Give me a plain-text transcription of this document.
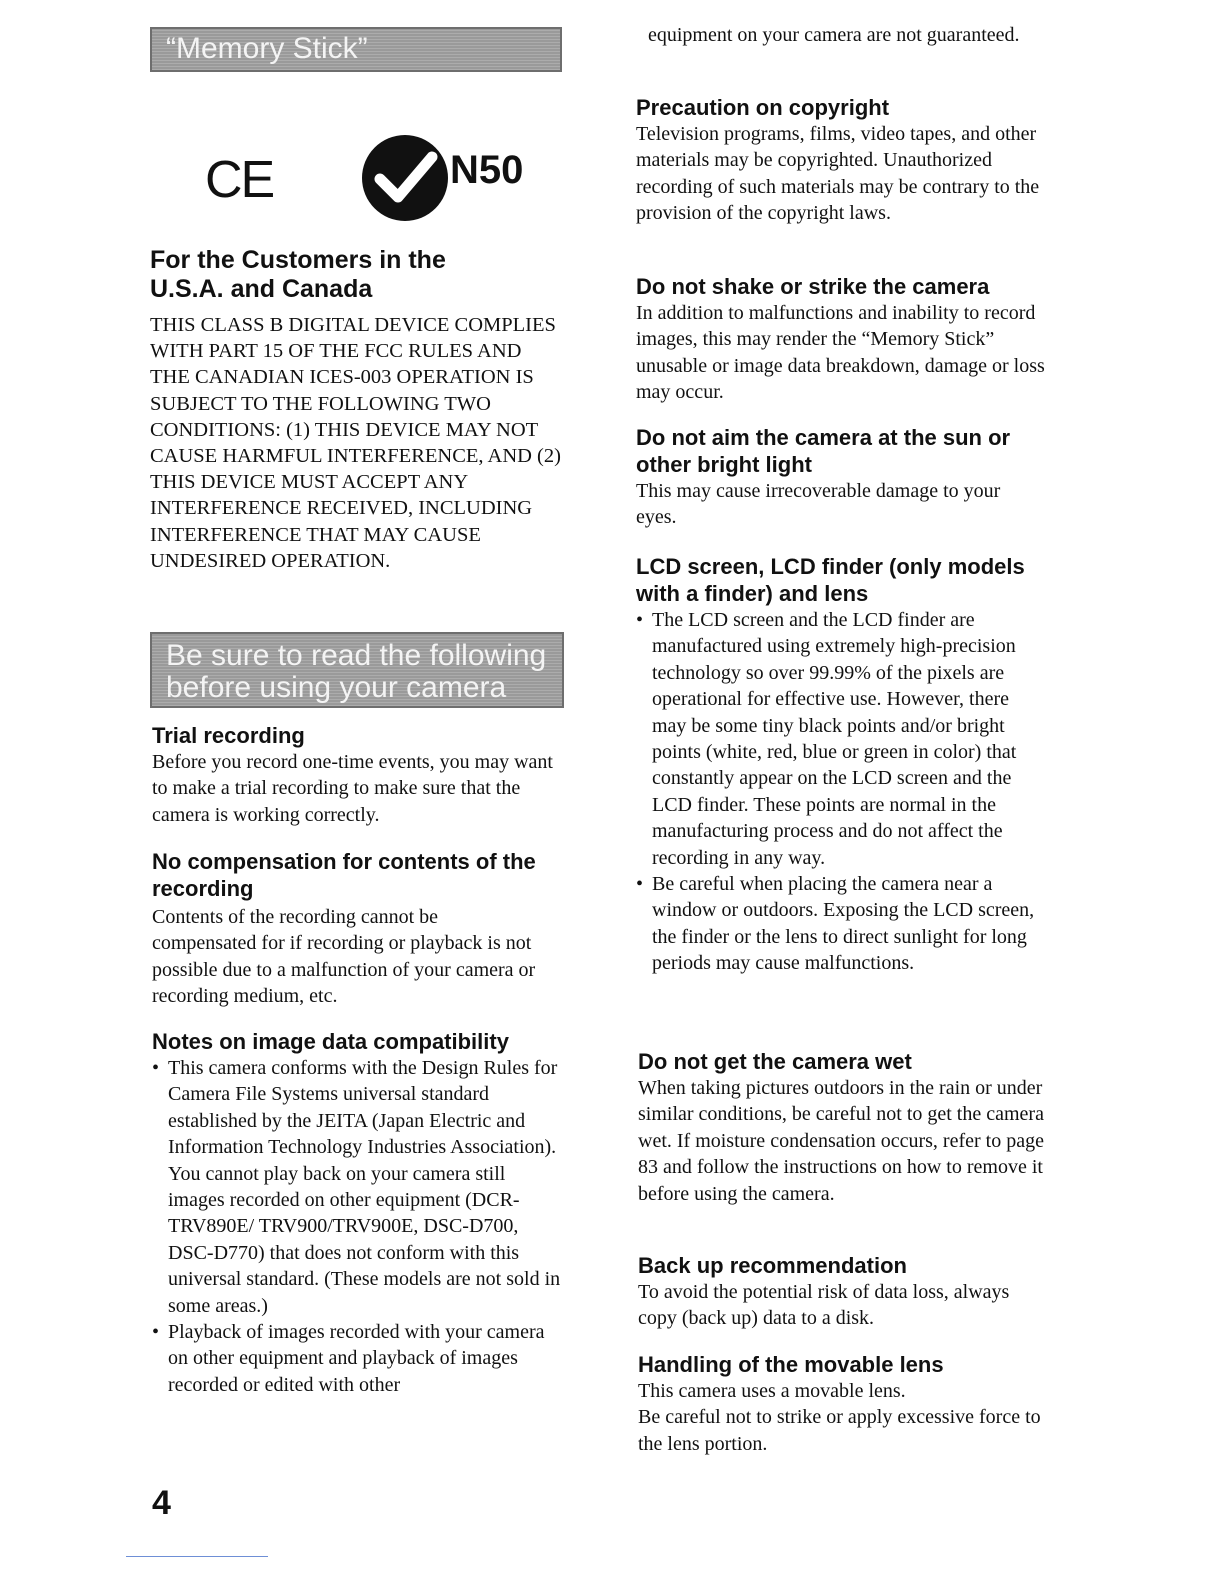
“Memory Stick”
CE	N50
For the Customers in the U.S.A. and Canada

THIS CLASS B DIGITAL DEVICE COMPLIES WITH PART 15 OF THE FCC RULES AND THE CANADIAN ICES-003 OPERATION IS SUBJECT TO THE FOLLOWING TWO CONDITIONS: (1) THIS DEVICE MAY NOT CAUSE HARMFUL INTERFERENCE, AND (2) THIS DEVICE MUST ACCEPT ANY INTERFERENCE RECEIVED, INCLUDING INTERFERENCE THAT MAY CAUSE UNDESIRED OPERATION.

Be sure to read the following
before using your camera
Trial recording

Before you record one-time events, you may want to make a trial recording to make sure that the camera is working correctly.

No compensation for contents of the recording

Contents of the recording cannot be compensated for if recording or playback is not possible due to a malfunction of your camera or recording medium, etc.

Notes on image data compatibility

• This camera conforms with the Design Rules for Camera File Systems universal standard established by the JEITA (Japan Electric and Information Technology Industries Association). You cannot play back on your camera still images recorded on other equipment (DCR-TRV890E/ TRV900/TRV900E, DSC-D700, DSC-D770) that does not conform with this universal standard. (These models are not sold in some areas.)

• Playback of images recorded with your camera on other equipment and playback of images recorded or edited with other

equipment on your camera are not guaranteed.

Precaution on copyright

Television programs, films, video tapes, and other materials may be copyrighted. Unauthorized recording of such materials may be contrary to the provision of the copyright laws.

Do not shake or strike the camera

In addition to malfunctions and inability to record images, this may render the “Memory Stick” unusable or image data breakdown, damage or loss may occur.

Do not aim the camera at the sun or other bright light

This may cause irrecoverable damage to your eyes.

LCD screen, LCD finder (only models with a finder) and lens

• The LCD screen and the LCD finder are manufactured using extremely high-precision technology so over 99.99% of the pixels are operational for effective use. However, there may be some tiny black points and/or bright points (white, red, blue or green in color) that constantly appear on the LCD screen and the LCD finder. These points are normal in the manufacturing process and do not affect the recording in any way.

• Be careful when placing the camera near a window or outdoors. Exposing the LCD screen, the finder or the lens to direct sunlight for long periods may cause malfunctions.

Do not get the camera wet

When taking pictures outdoors in the rain or under similar conditions, be careful not to get the camera wet. If moisture condensation occurs, refer to page 83 and follow the instructions on how to remove it before using the camera.

Back up recommendation

To avoid the potential risk of data loss, always copy (back up) data to a disk.

Handling of the movable lens

This camera uses a movable lens.

Be careful not to strike or apply excessive force to the lens portion.

4
